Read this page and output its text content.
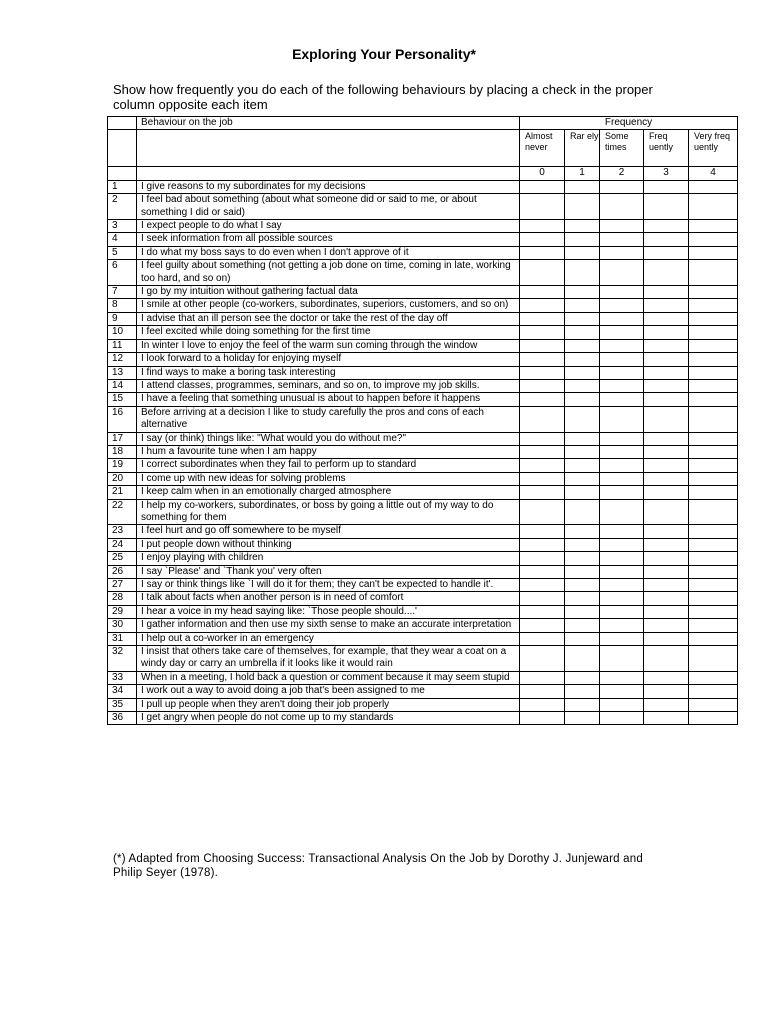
Exploring Your Personality*
Show how frequently you do each of the following behaviours by placing a check in the proper column opposite each item
	Behaviour on the job	Frequency				
		Almost never	Rar ely	Some times	Freq uently	Very freq uently
		0	1	2	3	4
1	I give reasons to my subordinates for my decisions					
2	I feel bad about something (about what someone did or said to me, or about something I did or said)					
3	I expect people to do what I say					
4	I seek information from all possible sources					
5	I do what my boss says to do even when I don't approve of it					
6	I feel guilty about something (not getting a job done on time, coming in late, working too hard, and so on)					
7	I go by my intuition without gathering factual data					
8	I smile at other people (co-workers, subordinates, superiors, customers, and so on)					
9	I advise that an ill person see the doctor or take the rest of the day off					
10	I feel excited while doing something for the first time					
11	In winter I love to enjoy the feel of the warm sun coming through the window					
12	I look forward to a holiday for enjoying myself					
13	I find ways to make a boring task interesting					
14	I attend classes, programmes, seminars, and so on, to improve my job skills.					
15	I have a feeling that something unusual is about to happen before it happens					
16	Before arriving at a decision I like to study carefully the pros and cons of each alternative					
17	I say (or think) things like: "What would you do without me?"					
18	I hum a favourite tune when I am happy					
19	I correct subordinates when they fail to perform up to standard					
20	I come up with new ideas for solving problems					
21	I keep calm when in an emotionally charged atmosphere					
22	I help my co-workers, subordinates, or boss by going a little out of my way to do something for them					
23	I feel hurt and go off somewhere to be myself					
24	I put people down without thinking					
25	I enjoy playing with children					
26	I say `Please' and `Thank you' very often					
27	I say or think things like `I will do it for them; they can't be expected to handle it'.					
28	I talk about facts when another person is in need of comfort					
29	I hear a voice in my head saying like: `Those people should....'					
30	I gather information and then use my sixth sense to make an accurate interpretation					
31	I help out a co-worker in an emergency					
32	I insist that others take care of themselves, for example, that they wear a coat on a windy day or carry an umbrella if it looks like it would rain					
33	When in a meeting, I hold back a question or comment because it may seem stupid					
34	I work out a way to avoid doing a job that's been assigned to me					
35	I pull up people when they aren't doing their job properly					
36	I get angry when people do not come up to my standards					
(*) Adapted from Choosing Success: Transactional Analysis On the Job by Dorothy J. Junjeward and Philip Seyer (1978).
